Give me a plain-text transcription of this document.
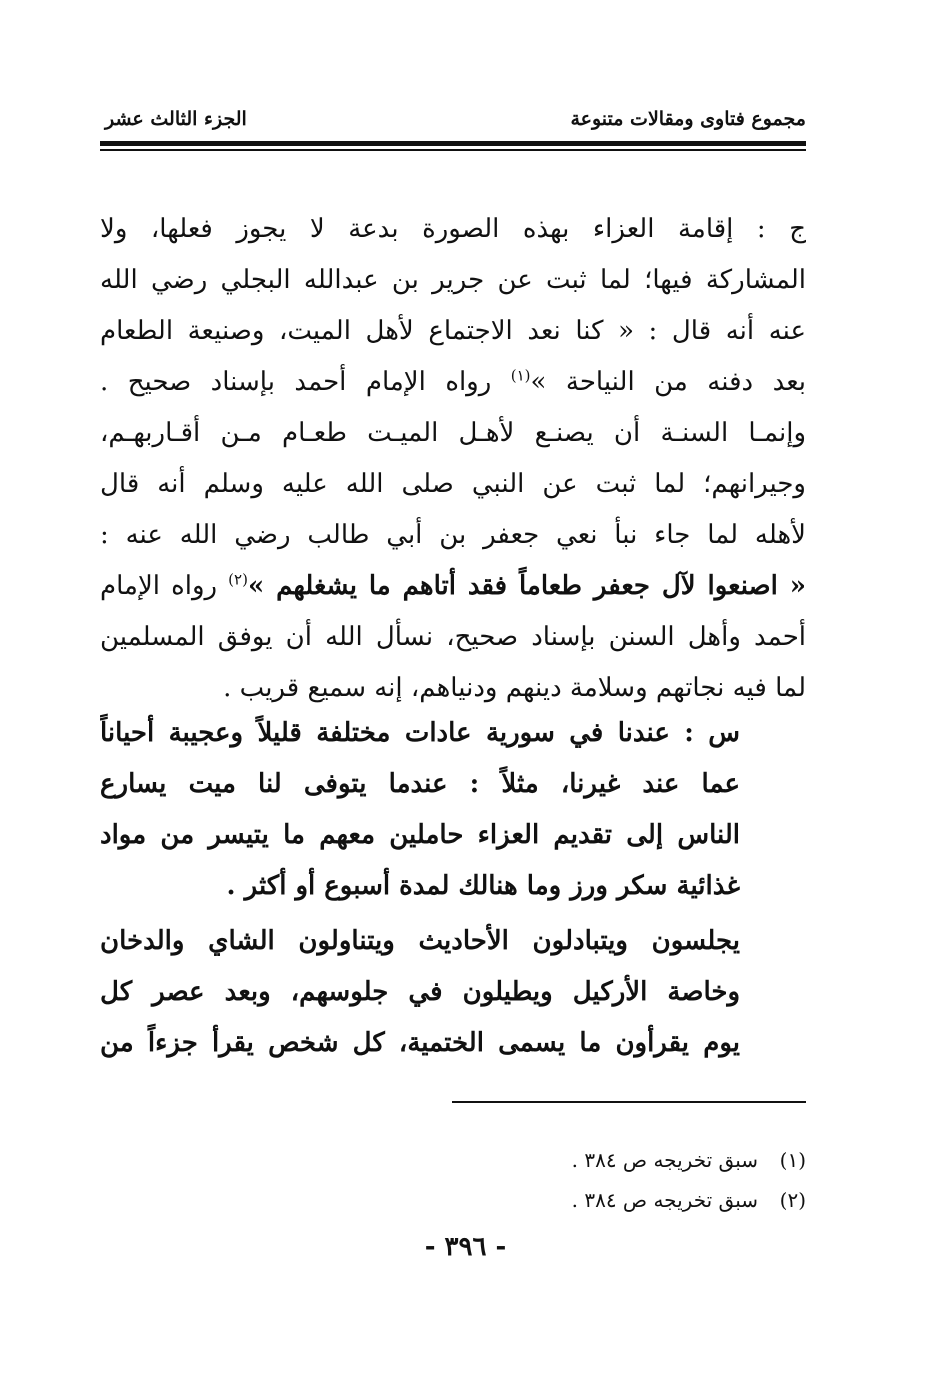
مجموع فتاوى ومقالات متنوعة
الجزء الثالث عشر
ج : إقامة العزاء بهذه الصورة بدعة لا يجوز فعلها، ولا
المشاركة فيها؛ لما ثبت عن جرير بن عبدالله البجلي رضي الله
عنه أنه قال : « كنا نعد الاجتماع لأهل الميت، وصنيعة الطعام
بعد دفنه من النياحة »$^{(١)}$ رواه الإمام أحمد بإسناد صحيح .
وإنمـا السنـة أن يصنـع لأهـل الميـت طعـام مـن أقـاربهـم،
وجيرانهم؛ لما ثبت عن النبي صلى الله عليه وسلم أنه قال
لأهله لما جاء نبأ نعي جعفر بن أبي طالب رضي الله عنه :
« اصنعوا لآل جعفر طعاماً فقد أتاهم ما يشغلهم »$^{(٢)}$ رواه الإمام
أحمد وأهل السنن بإسناد صحيح، نسأل الله أن يوفق المسلمين
لما فيه نجاتهم وسلامة دينهم ودنياهم، إنه سميع قريب .
س : عندنا في سورية عادات مختلفة قليلاً وعجيبة أحياناً
عما عند غيرنا، مثلاً : عندما يتوفى لنا ميت يسارع
الناس إلى تقديم العزاء حاملين معهم ما يتيسر من مواد
غذائية سكر ورز وما هنالك لمدة أسبوع أو أكثر .
يجلسون ويتبادلون الأحاديث ويتناولون الشاي والدخان
وخاصة الأركيل ويطيلون في جلوسهم، وبعد عصر كل
يوم يقرأون ما يسمى الختمية، كل شخص يقرأ جزءاً من
(١)سبق تخريجه ص ٣٨٤ .
(٢)سبق تخريجه ص ٣٨٤ .
- ٣٩٦ -
